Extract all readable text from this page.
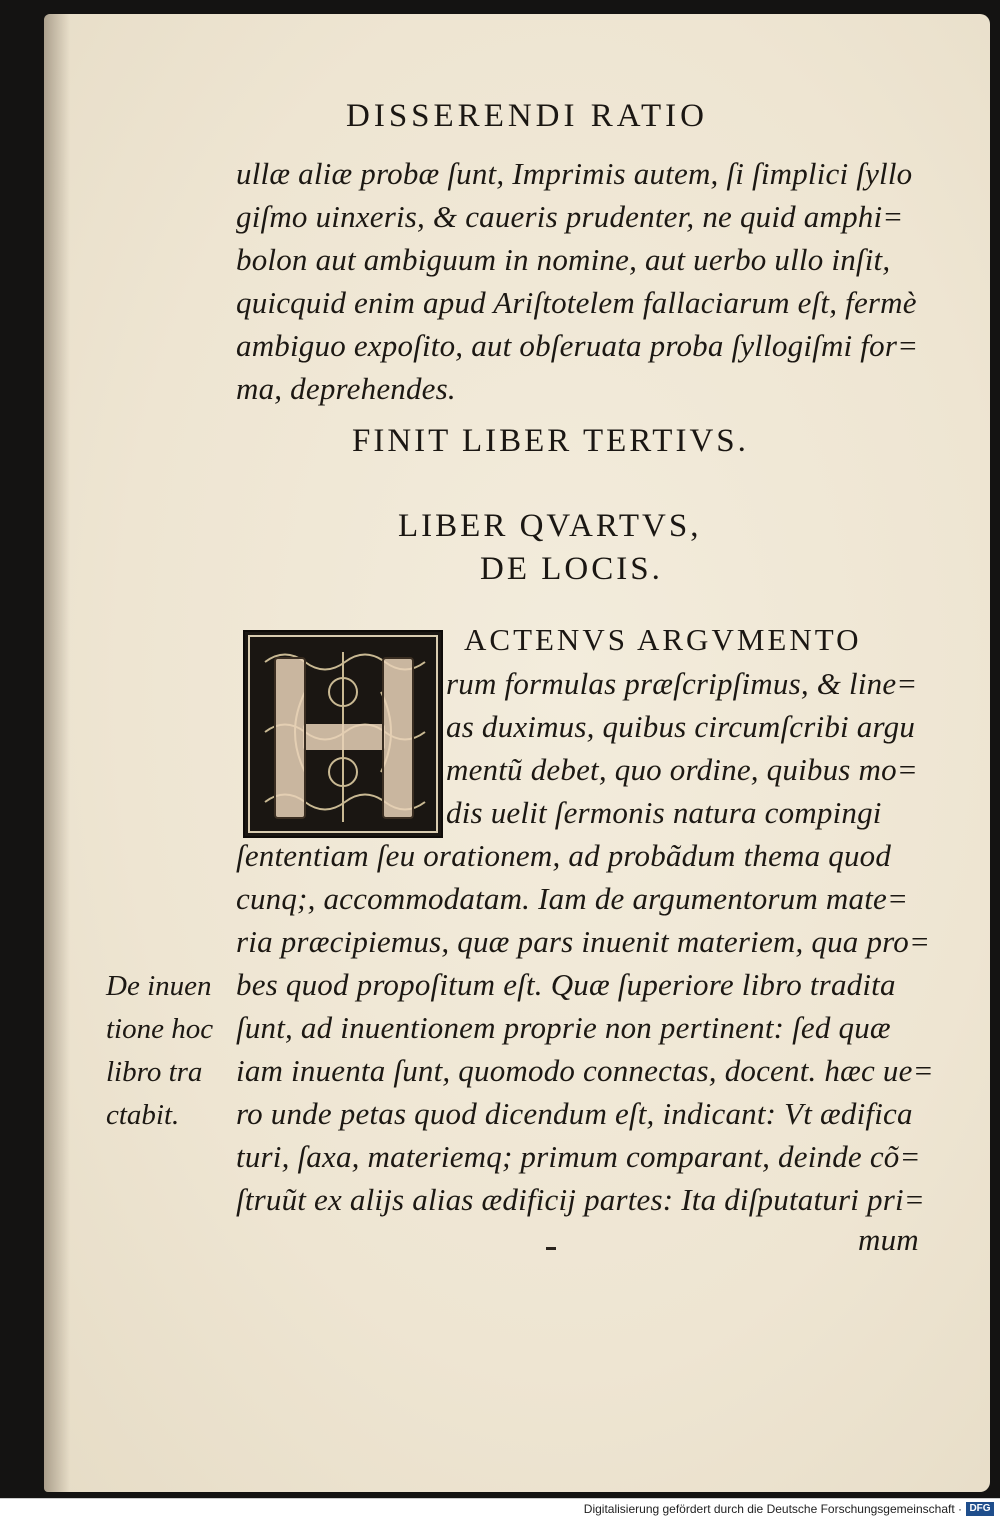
DISSERENDI RATIO
ullæ aliæ probæ ſunt, Imprimis autem, ſi ſimplici ſyllo
giſmo uinxeris, & caueris prudenter, ne quid amphi=
bolon aut ambiguum in nomine, aut uerbo ullo inſit,
quicquid enim apud Ariſtotelem fallaciarum eſt, fermè
ambiguo expoſito, aut obſeruata proba ſyllogiſmi for=
ma, deprehendes.
FINIT LIBER TERTIVS.
LIBER QVARTVS,
DE LOCIS.
ACTENVS ARGVMENTO
rum formulas præſcripſimus, & line=
as duximus, quibus circumſcribi argu
mentũ debet, quo ordine, quibus mo=
dis uelit ſermonis natura compingi
ſententiam ſeu orationem, ad probãdum thema quod
cunq;, accommodatam. Iam de argumentorum mate=
ria præcipiemus, quæ pars inuenit materiem, qua pro=
bes quod propoſitum eſt. Quæ ſuperiore libro tradita
ſunt, ad inuentionem proprie non pertinent: ſed quæ
iam inuenta ſunt, quomodo connectas, docent. hæc ue=
ro unde petas quod dicendum eſt, indicant: Vt ædifica
turi, ſaxa, materiemq; primum comparant, deinde cõ=
ſtruũt ex alijs alias ædificij partes: Ita diſputaturi pri=
mum
De inuen
tione hoc
libro tra
ctabit.
Digitalisierung gefördert durch die Deutsche Forschungsgemeinschaft · DFG
